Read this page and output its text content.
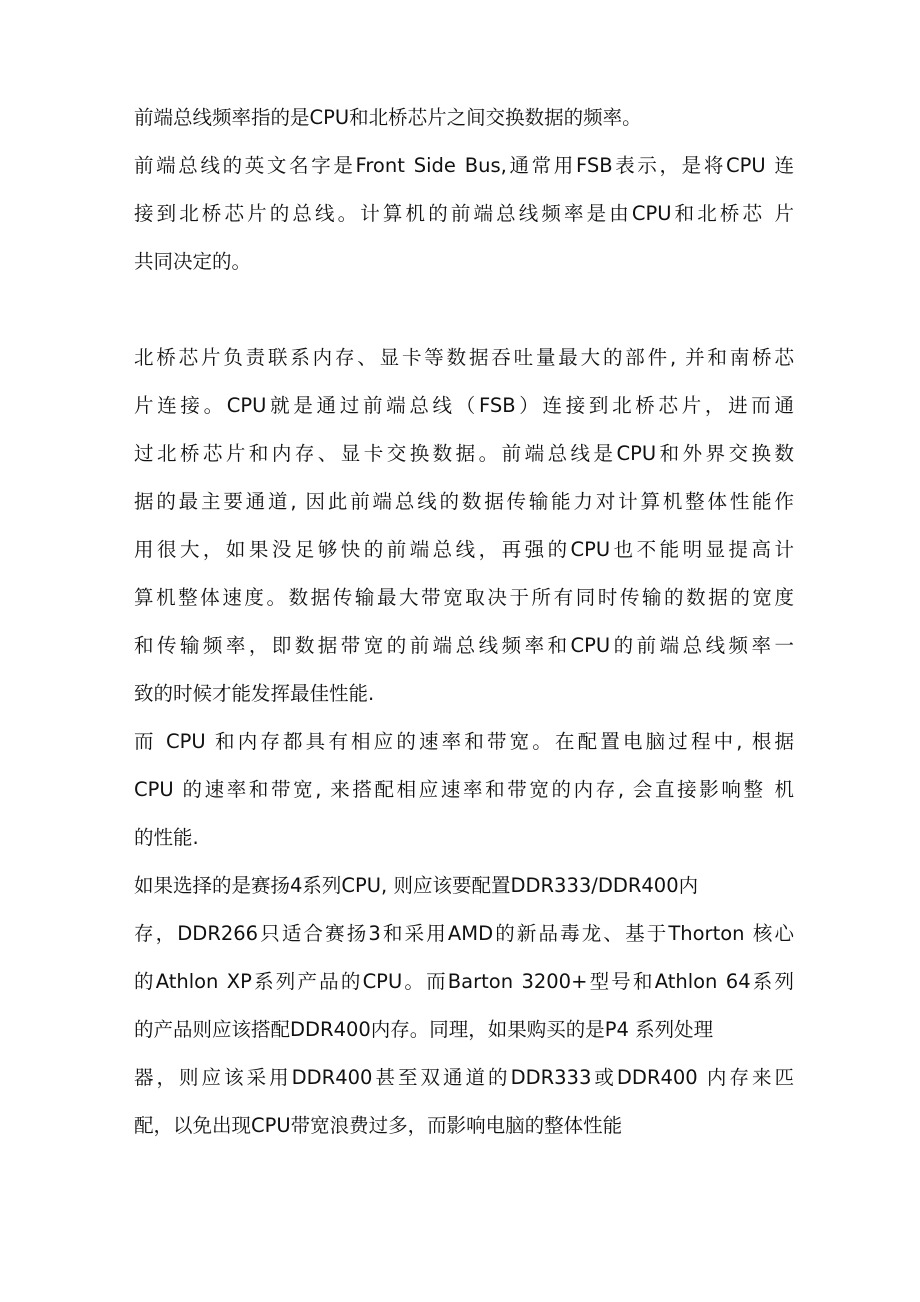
前端总线频率指的是CPU和北桥芯片之间交换数据的频率。
前端总线的英文名字是Front Side Bus,通常用FSB表示，是将CPU 连
接到北桥芯片的总线。计算机的前端总线频率是由CPU和北桥芯 片
共同决定的。
北桥芯片负责联系内存、显卡等数据吞吐量最大的部件, 并和南桥芯
片连接。CPU就是通过前端总线（FSB）连接到北桥芯片，进而通
过北桥芯片和内存、显卡交换数据。前端总线是CPU和外界交换数
据的最主要通道, 因此前端总线的数据传输能力对计算机整体性能作
用很大，如果没足够快的前端总线，再强的CPU也不能明显提高计
算机整体速度。数据传输最大带宽取决于所有同时传输的数据的宽度
和传输频率，即数据带宽的前端总线频率和CPU的前端总线频率一
致的时候才能发挥最佳性能.
而 CPU 和内存都具有相应的速率和带宽。在配置电脑过程中, 根据
CPU 的速率和带宽, 来搭配相应速率和带宽的内存, 会直接影响整 机
的性能.
如果选择的是赛扬4系列CPU, 则应该要配置DDR333/DDR400内
存，DDR266只适合赛扬3和采用AMD的新品毒龙、基于Thorton 核心
的Athlon XP系列产品的CPU。而Barton 3200+型号和Athlon 64系列
的产品则应该搭配DDR400内存。同理，如果购买的是P4 系列处理
器，则应该采用DDR400甚至双通道的DDR333或DDR400 内存来匹
配，以免出现CPU带宽浪费过多，而影响电脑的整体性能
